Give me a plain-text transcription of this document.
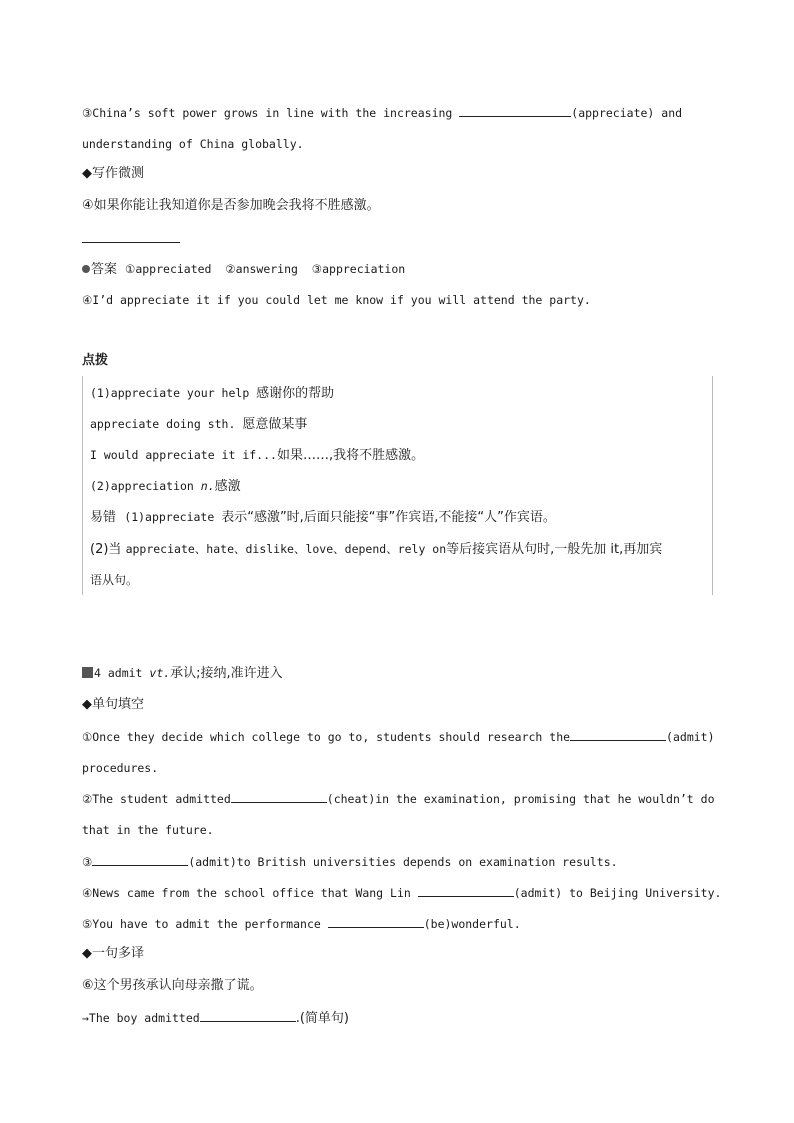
③China’s soft power grows in line with the increasing	(appreciate) and
understanding of China globally.
◆写作微测
④如果你能让我知道你是否参加晚会我将不胜感激。
答案 ①appreciated  ②answering  ③appreciation
④I’d appreciate it if you could let me know if you will attend the party.
点拨
(1)appreciate your help 感谢你的帮助
appreciate doing sth. 愿意做某事
I would appreciate it if...如果……,我将不胜感激。
(2)appreciation n.感激
易错  (1)appreciate 表示“感激”时,后面只能接“事”作宾语,不能接“人”作宾语。
(2)当 appreciate、hate、dislike、love、depend、rely on等后接宾语从句时,一般先加 it,再加宾
语从句。
4 admit vt.承认;接纳,准许进入
◆单句填空
①Once they decide which college to go to, students should research the	(admit)
procedures.
②The student admitted	(cheat)in the examination, promising that he wouldn’t do
that in the future.
③	(admit)to British universities depends on examination results.
④News came from the school office that Wang Lin	(admit) to Beijing University.
⑤You have to admit the performance	(be)wonderful.
◆一句多译
⑥这个男孩承认向母亲撒了谎。
→The boy admitted	.(简单句)
